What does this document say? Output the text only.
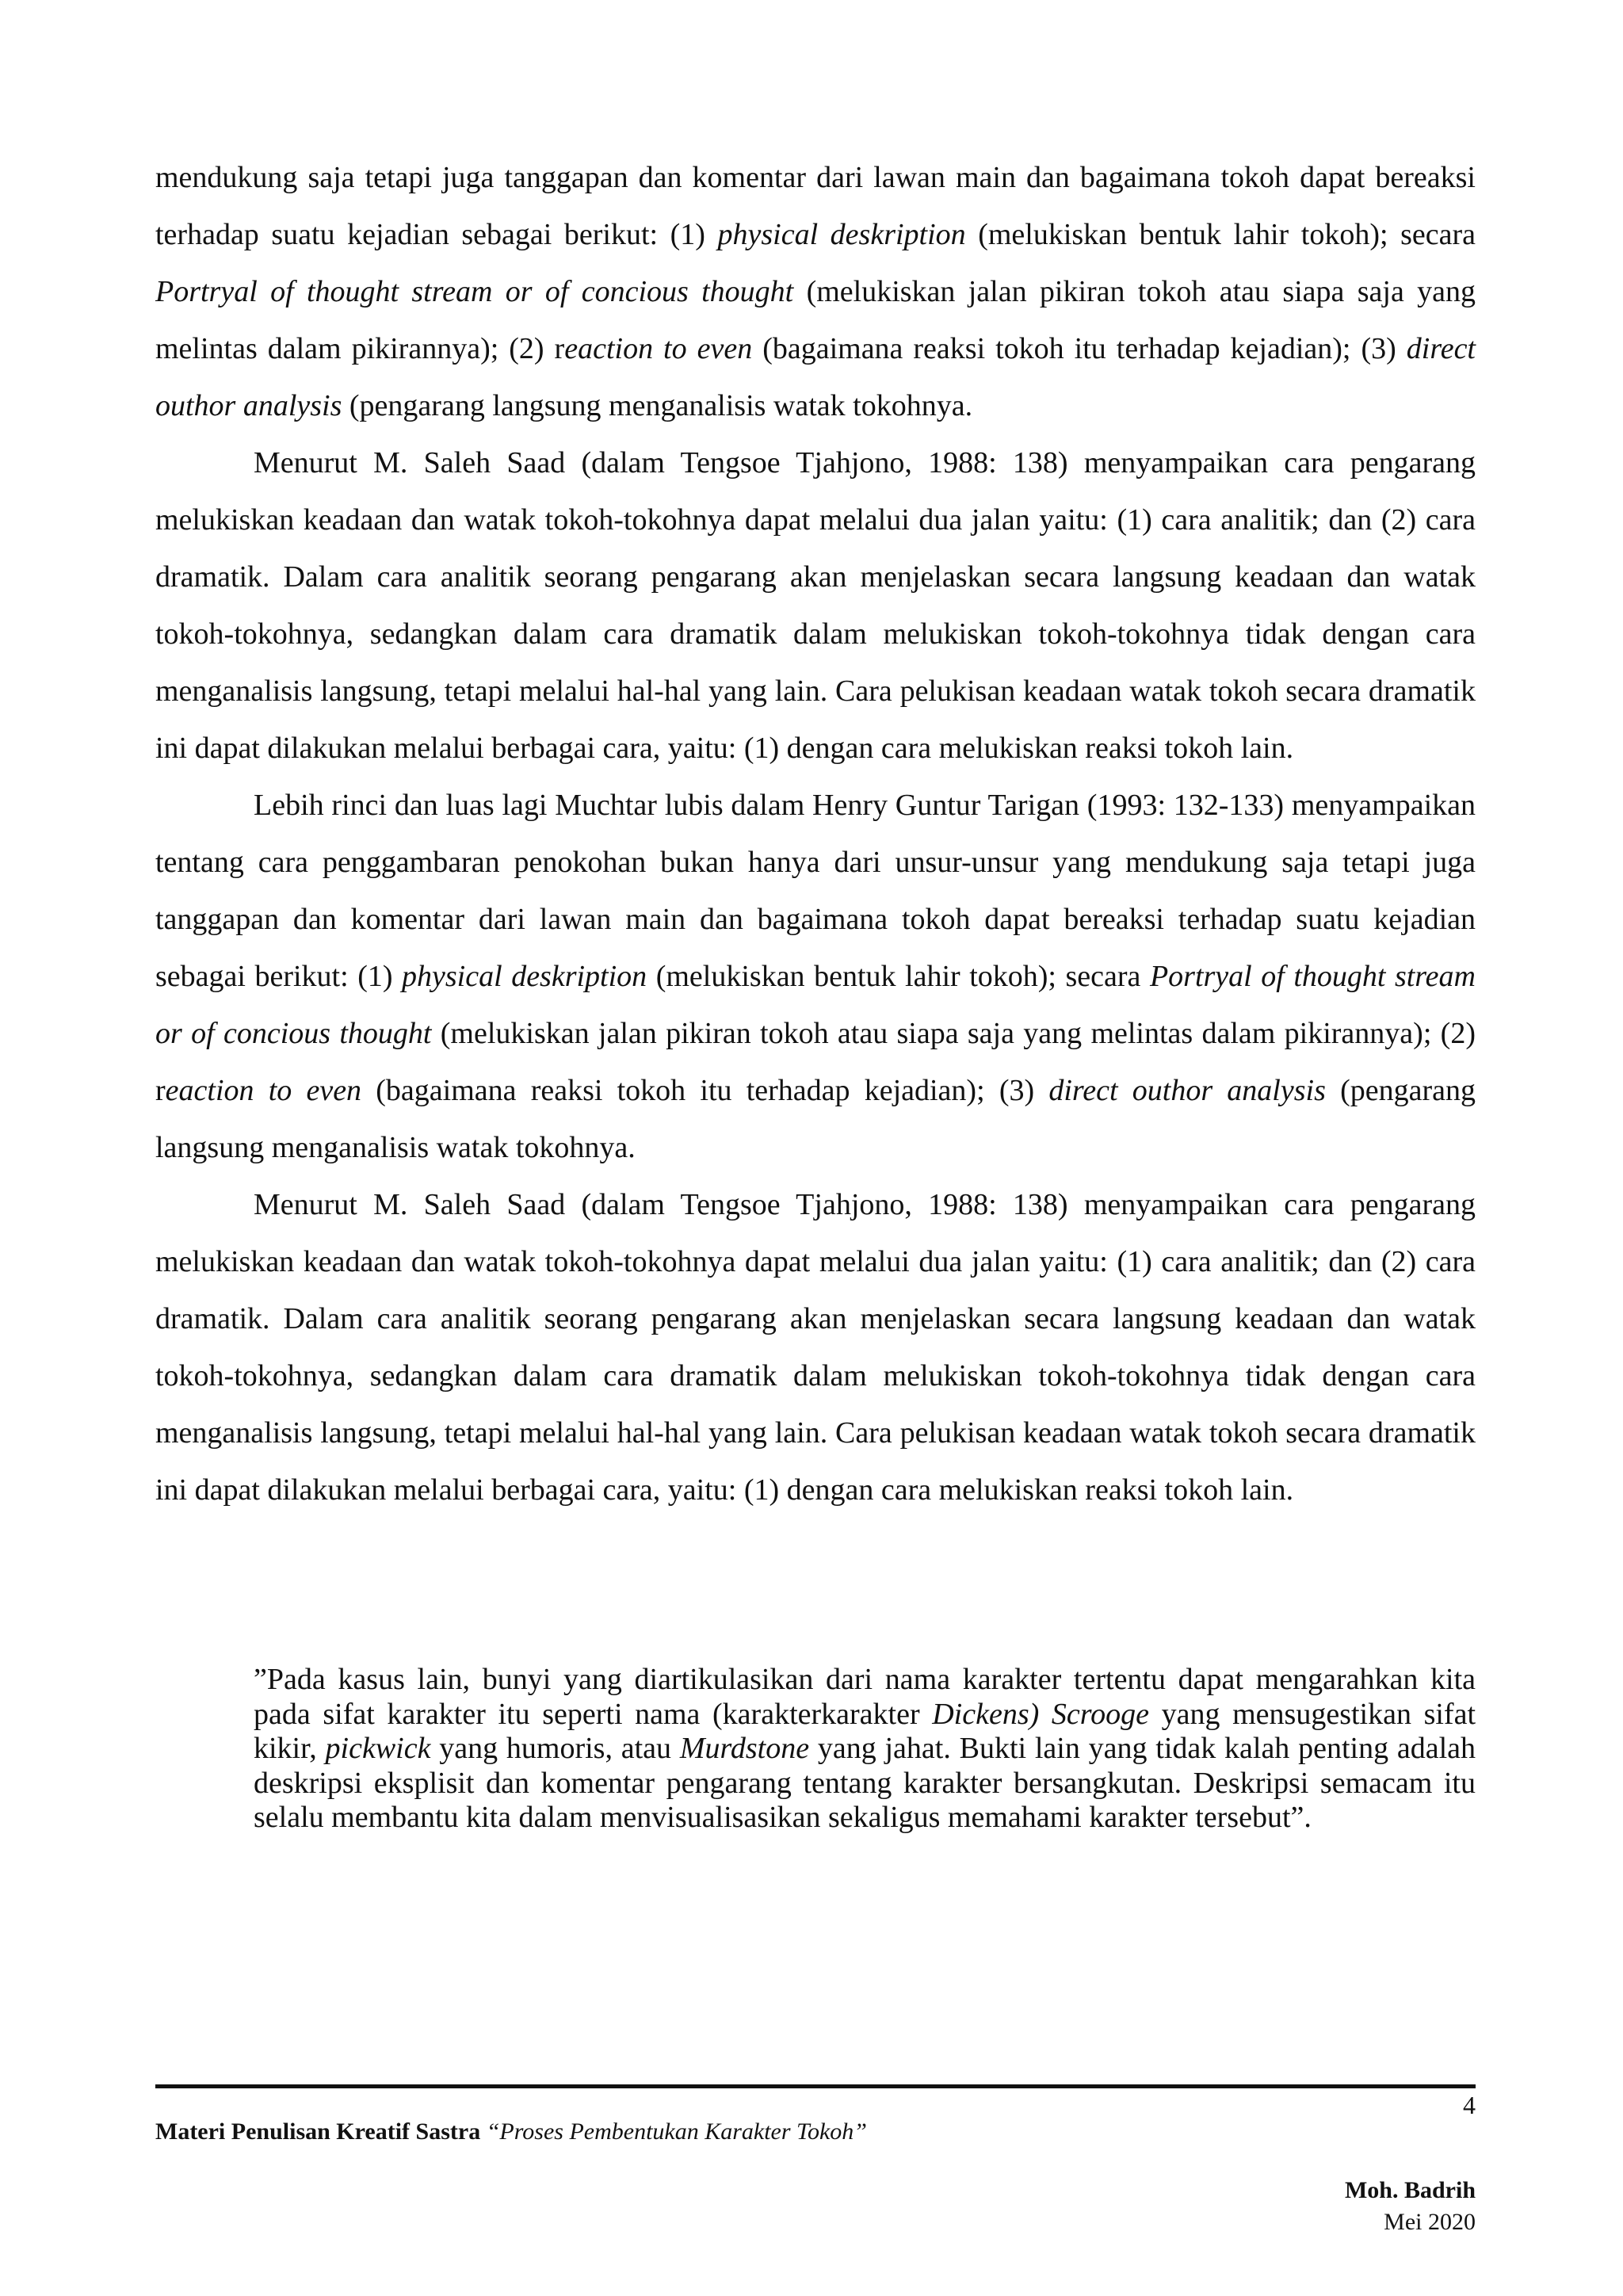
mendukung saja tetapi juga tanggapan dan komentar dari lawan main dan bagaimana tokoh dapat bereaksi terhadap suatu kejadian sebagai berikut: (1) physical deskription (melukiskan bentuk lahir tokoh); secara Portryal of thought stream or of concious thought (melukiskan jalan pikiran tokoh atau siapa saja yang melintas dalam pikirannya); (2) reaction to even (bagaimana reaksi tokoh itu terhadap kejadian); (3) direct outhor analysis (pengarang langsung menganalisis watak tokohnya.

Menurut M. Saleh Saad (dalam Tengsoe Tjahjono, 1988: 138) menyampaikan cara pengarang melukiskan keadaan dan watak tokoh-tokohnya dapat melalui dua jalan yaitu: (1) cara analitik; dan (2) cara dramatik. Dalam cara analitik seorang pengarang akan menjelaskan secara langsung keadaan dan watak tokoh-tokohnya, sedangkan dalam cara dramatik dalam melukiskan tokoh-tokohnya tidak dengan cara menganalisis langsung, tetapi melalui hal-hal yang lain. Cara pelukisan keadaan watak tokoh secara dramatik ini dapat dilakukan melalui berbagai cara, yaitu: (1) dengan cara melukiskan reaksi tokoh lain.

Lebih rinci dan luas lagi Muchtar lubis dalam Henry Guntur Tarigan (1993: 132-133) menyampaikan tentang cara penggambaran penokohan bukan hanya dari unsur-unsur yang mendukung saja tetapi juga tanggapan dan komentar dari lawan main dan bagaimana tokoh dapat bereaksi terhadap suatu kejadian sebagai berikut: (1) physical deskription (melukiskan bentuk lahir tokoh); secara Portryal of thought stream or of concious thought (melukiskan jalan pikiran tokoh atau siapa saja yang melintas dalam pikirannya); (2) reaction to even (bagaimana reaksi tokoh itu terhadap kejadian); (3) direct outhor analysis (pengarang langsung menganalisis watak tokohnya.

Menurut M. Saleh Saad (dalam Tengsoe Tjahjono, 1988: 138) menyampaikan cara pengarang melukiskan keadaan dan watak tokoh-tokohnya dapat melalui dua jalan yaitu: (1) cara analitik; dan (2) cara dramatik. Dalam cara analitik seorang pengarang akan menjelaskan secara langsung keadaan dan watak tokoh-tokohnya, sedangkan dalam cara dramatik dalam melukiskan tokoh-tokohnya tidak dengan cara menganalisis langsung, tetapi melalui hal-hal yang lain. Cara pelukisan keadaan watak tokoh secara dramatik ini dapat dilakukan melalui berbagai cara, yaitu: (1) dengan cara melukiskan reaksi tokoh lain.

”Pada kasus lain, bunyi yang diartikulasikan dari nama karakter tertentu dapat mengarahkan kita pada sifat karakter itu seperti nama (karakterkarakter Dickens) Scrooge yang mensugestikan sifat kikir, pickwick yang humoris, atau Murdstone yang jahat. Bukti lain yang tidak kalah penting adalah deskripsi eksplisit dan komentar pengarang tentang karakter bersangkutan. Deskripsi semacam itu selalu membantu kita dalam menvisualisasikan sekaligus memahami karakter tersebut”.

4
Materi Penulisan Kreatif Sastra “Proses Pembentukan Karakter Tokoh”
Moh. Badrih
Mei 2020
